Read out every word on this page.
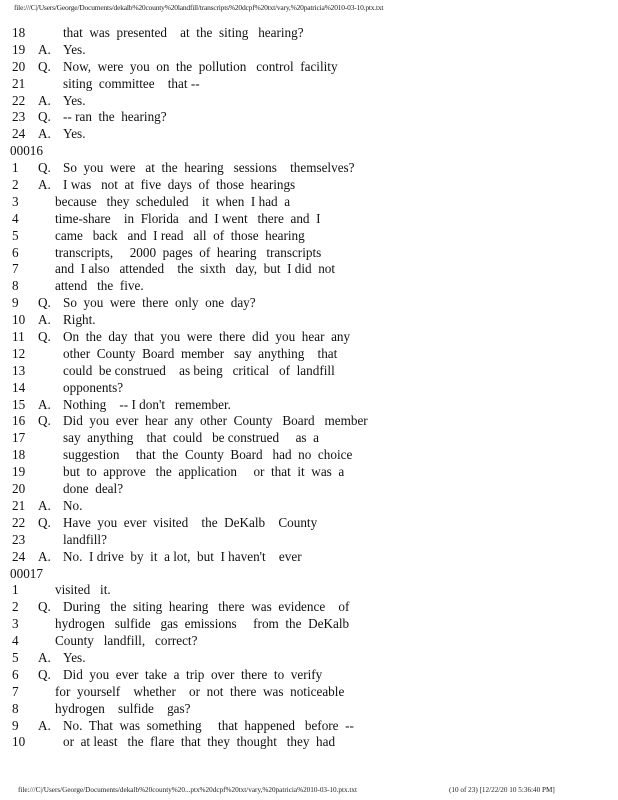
file:///C|/Users/George/Documents/dekalb%20county%20landfill/transcripts%20dcpf%20txt/vary,%20patricia%2010-03-10.ptx.txt
18	that  was  presented    at  the  siting   hearing?
19 A. Yes.
20 Q. Now,  were  you  on  the  pollution   control  facility
21	siting  committee    that --
22 A. Yes.
23 Q. -- ran  the  hearing?
24 A. Yes.
00016
1	Q. So  you  were   at  the  hearing   sessions    themselves?
2	A. I was   not  at  five  days  of  those  hearings
3	because   they  scheduled    it  when  I had  a
4	time-share    in  Florida   and  I went   there  and  I
5	came   back   and  I read   all  of  those  hearing
6	transcripts,     2000  pages  of  hearing   transcripts
7	and  I also   attended    the  sixth   day,  but  I did  not
8	attend   the  five.
9	Q. So  you  were  there  only  one  day?
10 A. Right.
11	Q. On  the  day  that  you  were  there  did  you  hear  any
12	other  County  Board  member   say  anything    that
13	could  be construed    as being   critical   of  landfill
14	opponents?
15 A. Nothing    -- I don't   remember.
16 Q. Did  you  ever  hear  any  other  County   Board   member
17	say  anything    that  could   be construed     as  a
18	suggestion     that  the  County  Board   had  no  choice
19	but  to  approve   the  application     or  that  it  was  a
20	done  deal?
21 A. No.
22 Q. Have  you  ever  visited    the  DeKalb    County
23	landfill?
24 A. No.  I drive  by  it  a lot,  but  I haven't    ever
00017
1	visited   it.
2	Q. During   the  siting  hearing   there  was  evidence    of
3	hydrogen   sulfide   gas  emissions     from  the  DeKalb
4	County   landfill,   correct?
5	A. Yes.
6	Q. Did  you  ever  take  a  trip  over  there  to  verify
7	for  yourself    whether    or  not  there  was  noticeable
8	hydrogen    sulfide    gas?
9	A. No.  That  was  something     that  happened   before  --
10	or  at least   the  flare  that  they  thought   they  had
file:///C|/Users/George/Documents/dekalb%20county%20...ptx%20dcpf%20txt/vary,%20patricia%2010-03-10.ptx.txt	(10 of 23) [12/22/20 10 5:36:40 PM]
